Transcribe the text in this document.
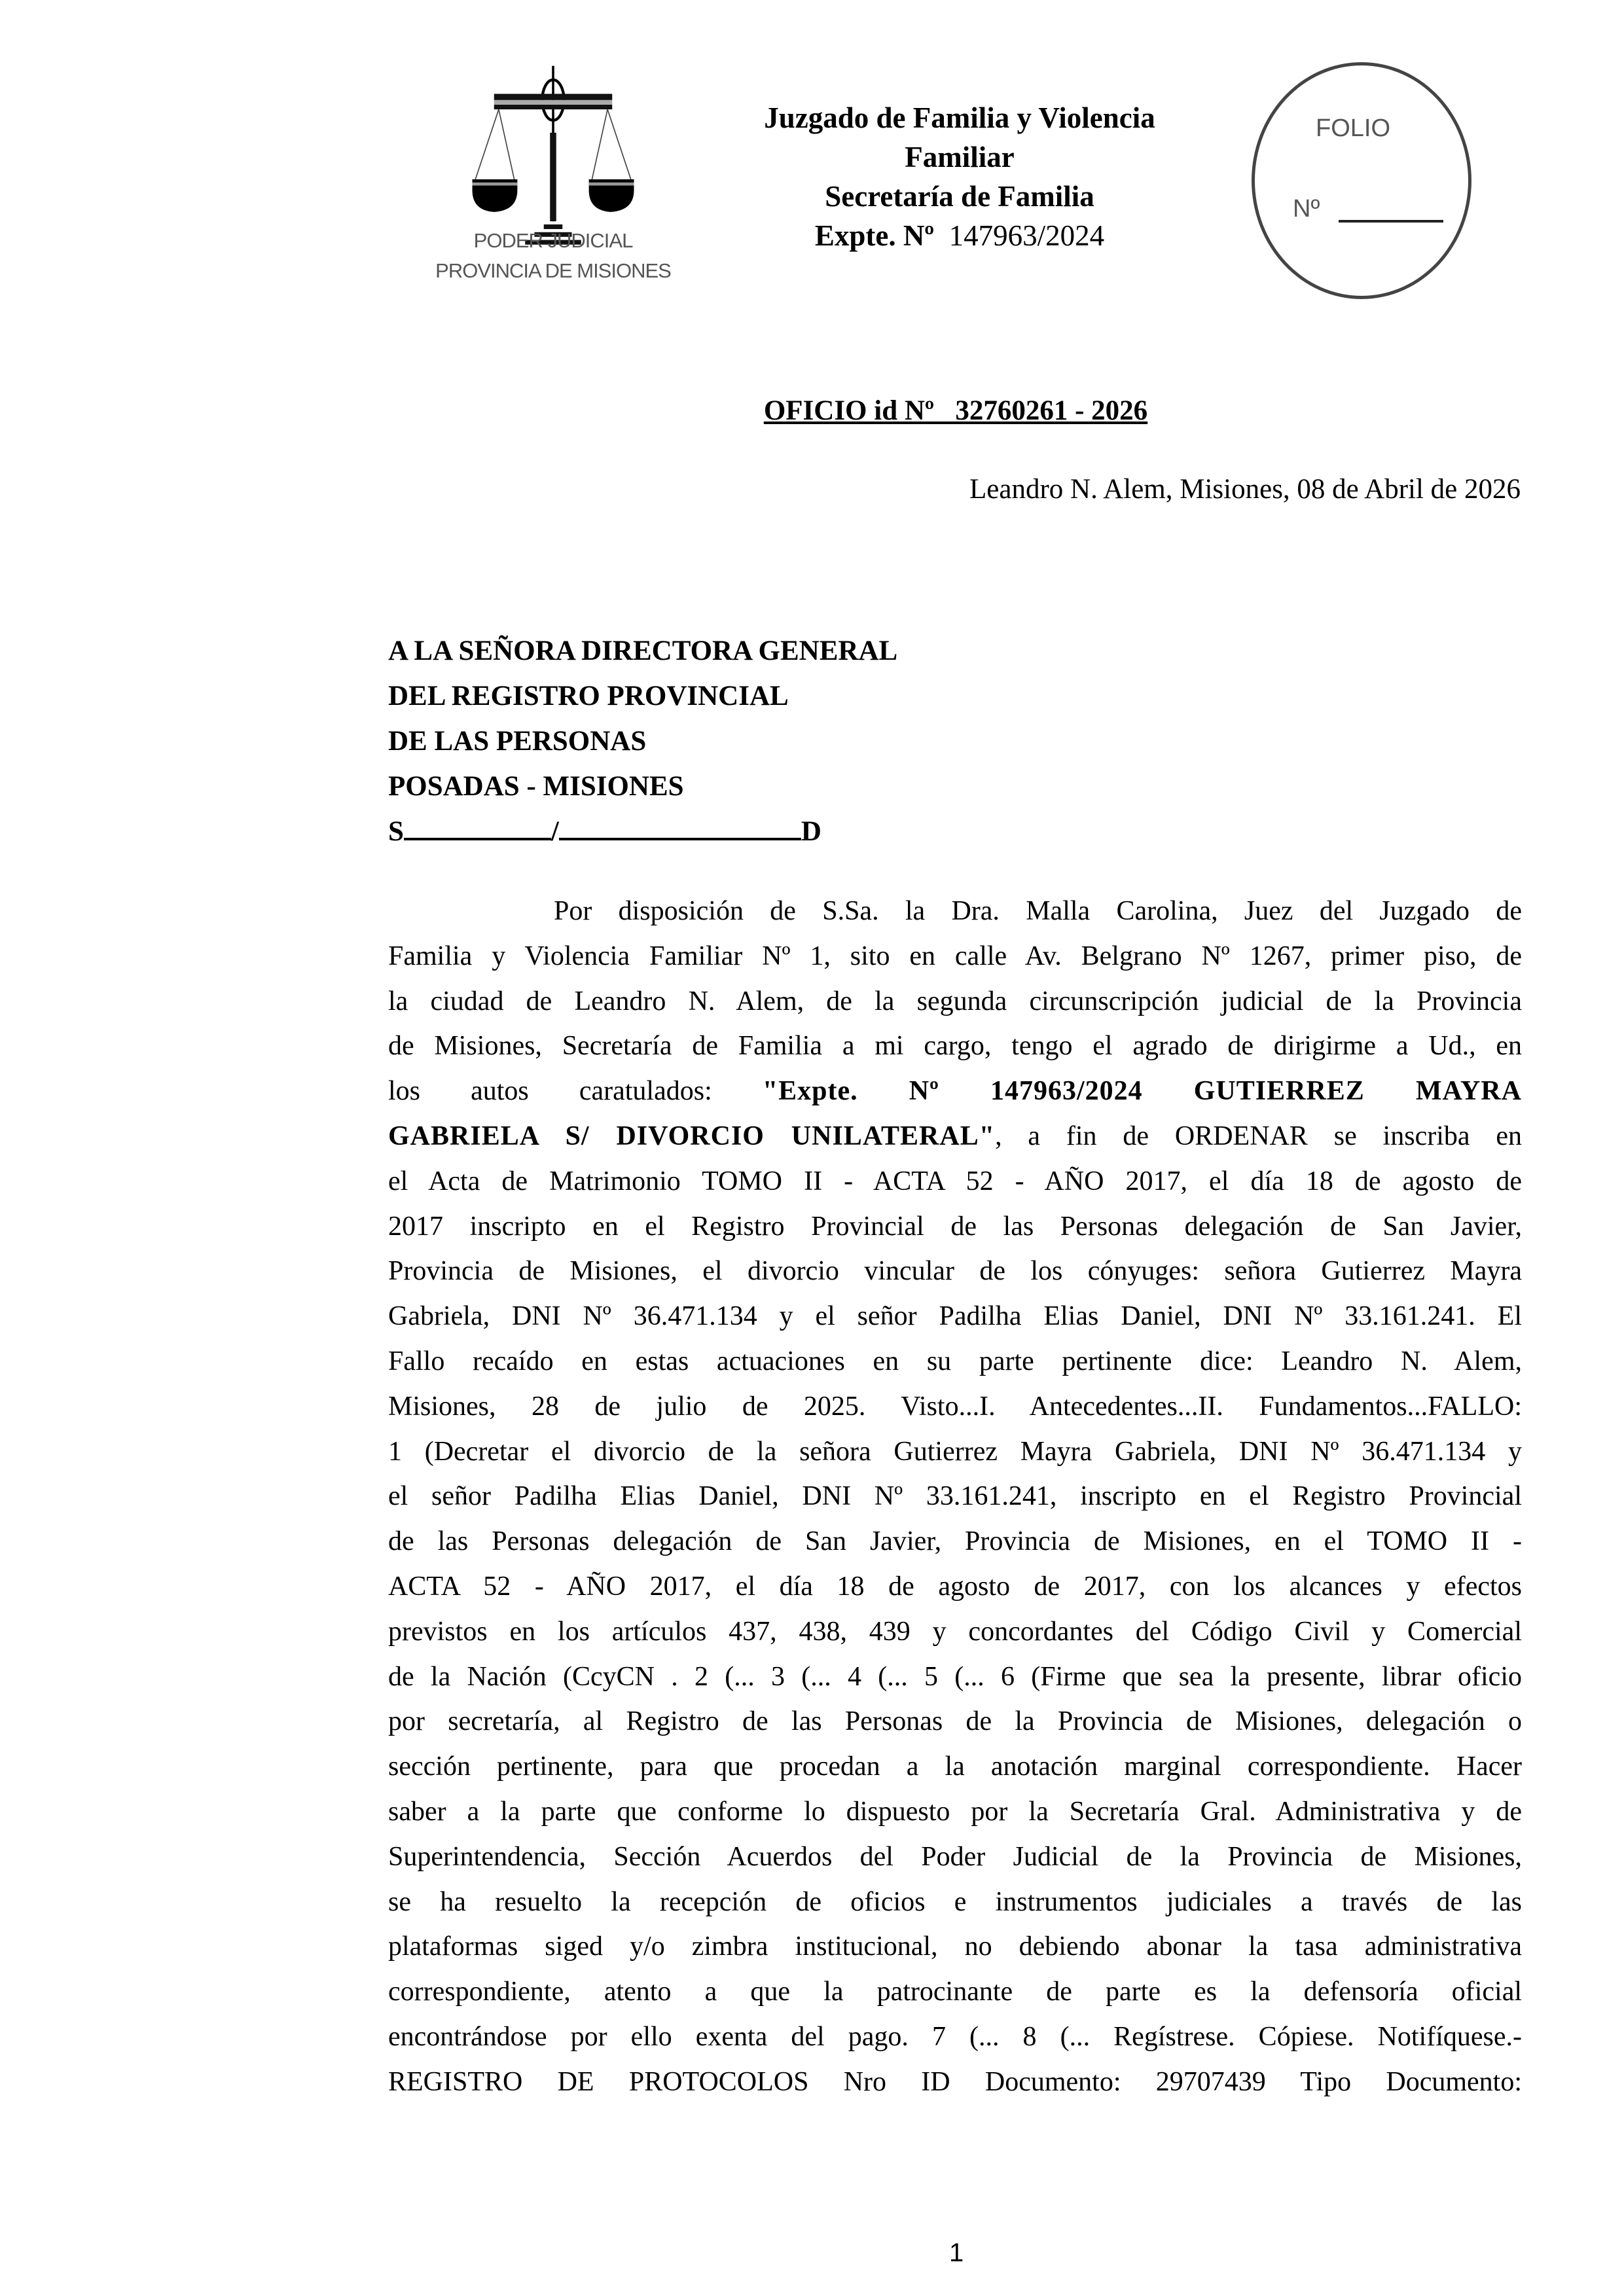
PODER JUDICIAL
PROVINCIA DE MISIONES
Juzgado de Familia y Violencia
Familiar
Secretaría de Familia
Expte. Nº 147963/2024
FOLIO
Nº
OFICIO id Nº   32760261 - 2026
Leandro N. Alem, Misiones, 08 de Abril de 2026
A LA SEÑORA DIRECTORA GENERAL
DEL REGISTRO PROVINCIAL
DE LAS PERSONAS
POSADAS - MISIONES
S	/	D
Por disposición de S.Sa. la Dra. Malla Carolina, Juez del Juzgado de
Familia y Violencia Familiar Nº 1, sito en calle Av. Belgrano Nº 1267, primer piso, de
la ciudad de Leandro N. Alem, de la segunda circunscripción judicial de la Provincia
de Misiones, Secretaría de Familia a mi cargo, tengo el agrado de dirigirme a Ud., en
los autos caratulados: "Expte. Nº 147963/2024 GUTIERREZ MAYRA
GABRIELA S/ DIVORCIO UNILATERAL", a fin de ORDENAR se inscriba en
el Acta de Matrimonio TOMO II - ACTA 52 - AÑO 2017, el día 18 de agosto de
2017 inscripto en el Registro Provincial de las Personas delegación de San Javier,
Provincia de Misiones, el divorcio vincular de los cónyuges: señora Gutierrez Mayra
Gabriela, DNI Nº 36.471.134 y el señor Padilha Elias Daniel, DNI Nº 33.161.241. El
Fallo recaído en estas actuaciones en su parte pertinente dice: Leandro N. Alem,
Misiones, 28 de julio de 2025. Visto...I. Antecedentes...II. Fundamentos...FALLO:
1 (Decretar el divorcio de la señora Gutierrez Mayra Gabriela, DNI Nº 36.471.134 y
el señor Padilha Elias Daniel, DNI Nº 33.161.241, inscripto en el Registro Provincial
de las Personas delegación de San Javier, Provincia de Misiones, en el TOMO II -
ACTA 52 - AÑO 2017, el día 18 de agosto de 2017, con los alcances y efectos
previstos en los artículos 437, 438, 439 y concordantes del Código Civil y Comercial
de la Nación (CcyCN . 2 (... 3 (... 4 (... 5 (... 6 (Firme que sea la presente, librar oficio
por secretaría, al Registro de las Personas de la Provincia de Misiones, delegación o
sección pertinente, para que procedan a la anotación marginal correspondiente. Hacer
saber a la parte que conforme lo dispuesto por la Secretaría Gral. Administrativa y de
Superintendencia, Sección Acuerdos del Poder Judicial de la Provincia de Misiones,
se ha resuelto la recepción de oficios e instrumentos judiciales a través de las
plataformas siged y/o zimbra institucional, no debiendo abonar la tasa administrativa
correspondiente, atento a que la patrocinante de parte es la defensoría oficial
encontrándose por ello exenta del pago. 7 (... 8 (... Regístrese. Cópiese. Notifíquese.-
REGISTRO DE PROTOCOLOS Nro ID Documento: 29707439 Tipo Documento:
1
